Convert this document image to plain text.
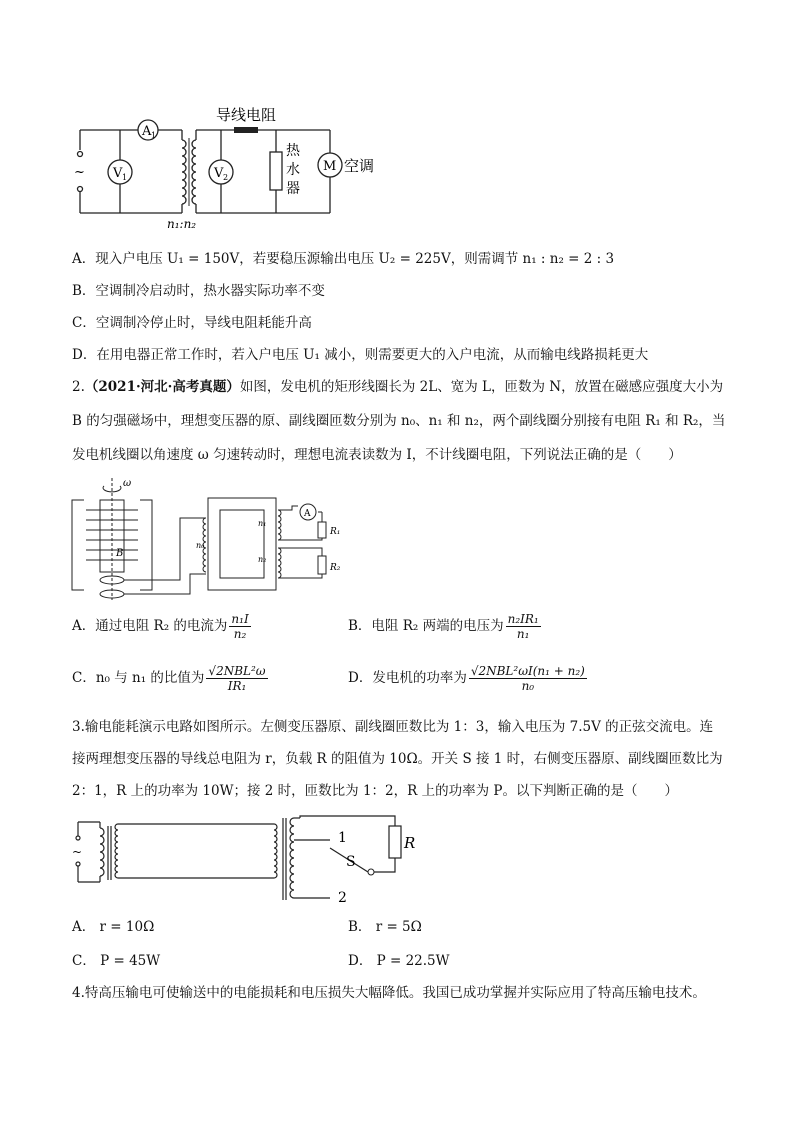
导线电阻
A 1
V 1	V 2
~	M 空调
热
水
器
n₁:n₂
A．现入户电压 U₁ = 150V，若要稳压源输出电压 U₂ = 225V，则需调节 n₁ : n₂ = 2 : 3
B．空调制冷启动时，热水器实际功率不变
C．空调制冷停止时，导线电阻耗能升高
D．在用电器正常工作时，若入户电压 U₁ 减小，则需要更大的入户电流，从而输电线路损耗更大
2.（2021·河北·高考真题）如图，发电机的矩形线圈长为 2L、宽为 L，匝数为 N，放置在磁感应强度大小为
B 的匀强磁场中，理想变压器的原、副线圈匝数分别为 n₀、n₁ 和 n₂，两个副线圈分别接有电阻 R₁ 和 R₂，当
发电机线圈以角速度 ω 匀速转动时，理想电流表读数为 I，不计线圈电阻，下列说法正确的是（　　）
ω
B
n₀
n₁
n₂
A
R₁
R₂
A．通过电阻 R₂ 的电流为 $\frac{\text{n₁I}}{\text{n₂}}$	B．电阻 R₂ 两端的电压为 $\frac{\text{n₂IR₁}}{\text{n₁}}$
C．n₀ 与 n₁ 的比值为 $\frac{\text{√2NBL²ω}}{\text{IR₁}}$	D．发电机的功率为 $\frac{\text{√2NBL²ωI(n₁ + n₂)}}{\text{n₀}}$
3.输电能耗演示电路如图所示。左侧变压器原、副线圈匝数比为 1：3，输入电压为 7.5V 的正弦交流电。连
接两理想变压器的导线总电阻为 r，负载 R 的阻值为 10Ω。开关 S 接 1 时，右侧变压器原、副线圈匝数比为
2：1，R 上的功率为 10W；接 2 时，匝数比为 1：2，R 上的功率为 P。以下判断正确的是（　　）
~
1
2
S
R
A． r = 10Ω	B． r = 5Ω
C． P = 45W	D． P = 22.5W
4.特高压输电可使输送中的电能损耗和电压损失大幅降低。我国已成功掌握并实际应用了特高压输电技术。
